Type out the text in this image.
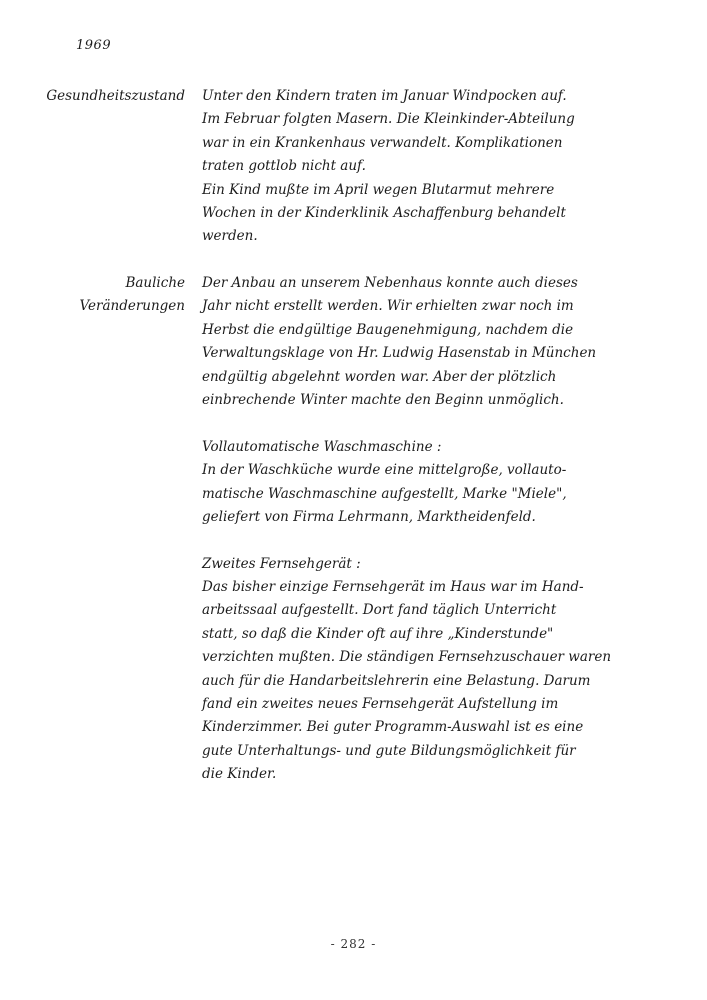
1969
Gesundheitszustand Unter den Kindern traten im Januar Windpocken auf.
Im Februar folgten Masern. Die Kleinkinder-Abteilung
war in ein Krankenhaus verwandelt. Komplikationen
traten gottlob nicht auf.
Ein Kind mußte im April wegen Blutarmut mehrere
Wochen in der Kinderklinik Aschaffenburg behandelt
werden.
Bauliche
Veränderungen
Der Anbau an unserem Nebenhaus konnte auch dieses
Jahr nicht erstellt werden. Wir erhielten zwar noch im
Herbst die endgültige Baugenehmigung, nachdem die
Verwaltungsklage von Hr. Ludwig Hasenstab in München
endgültig abgelehnt worden war. Aber der plötzlich
einbrechende Winter machte den Beginn unmöglich.
Vollautomatische Waschmaschine :
In der Waschküche wurde eine mittelgroße, vollauto-
matische Waschmaschine aufgestellt, Marke "Miele",
geliefert von Firma Lehrmann, Marktheidenfeld.
Zweites Fernsehgerät :
Das bisher einzige Fernsehgerät im Haus war im Hand-
arbeitssaal aufgestellt. Dort fand täglich Unterricht
statt, so daß die Kinder oft auf ihre „Kinderstunde"
verzichten mußten. Die ständigen Fernsehzuschauer waren
auch für die Handarbeitslehrerin eine Belastung. Darum
fand ein zweites neues Fernsehgerät Aufstellung im
Kinderzimmer. Bei guter Programm-Auswahl ist es eine
gute Unterhaltungs- und gute Bildungsmöglichkeit für
die Kinder.
- 282 -
